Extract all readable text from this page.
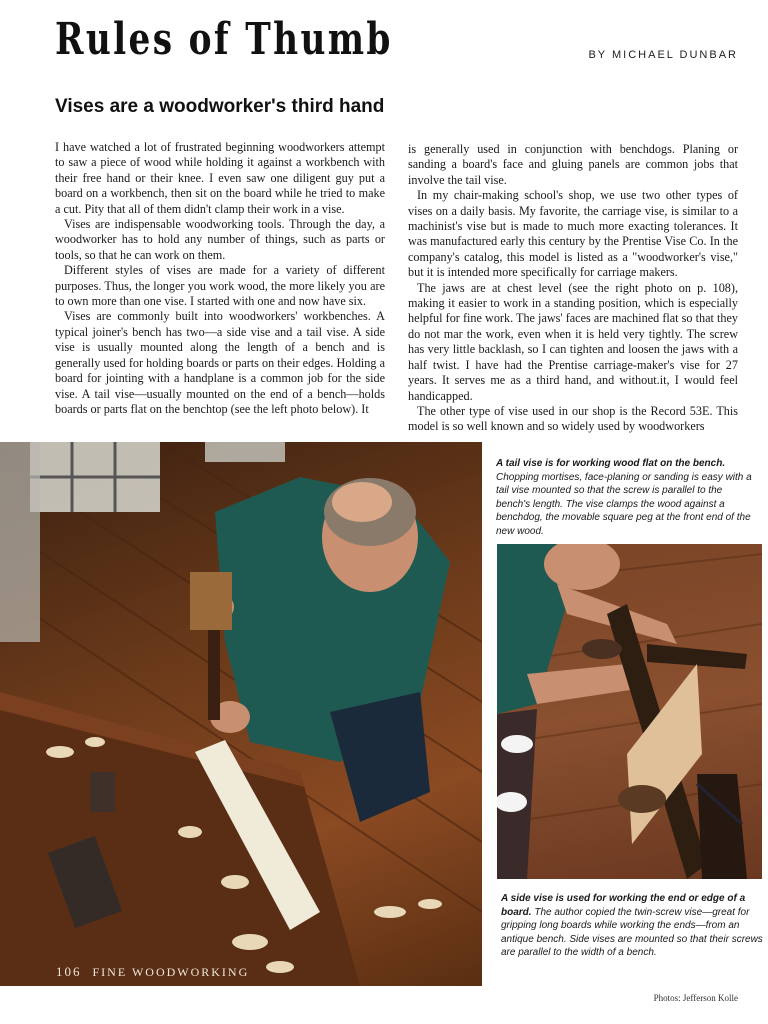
Rules of Thumb	BY MICHAEL DUNBAR
Vises are a woodworker's third hand

I have watched a lot of frustrated beginning woodworkers attempt to saw a piece of wood while holding it against a workbench with their free hand or their knee. I even saw one diligent guy put a board on a workbench, then sit on the board while he tried to make a cut. Pity that all of them didn't clamp their work in a vise.

Vises are indispensable woodworking tools. Through the day, a woodworker has to hold any number of things, such as parts or tools, so that he can work on them.

Different styles of vises are made for a variety of different purposes. Thus, the longer you work wood, the more likely you are to own more than one vise. I started with one and now have six.

Vises are commonly built into woodworkers' workbenches. A typical joiner's bench has two—a side vise and a tail vise. A side vise is usually mounted along the length of a bench and is generally used for holding boards or parts on their edges. Holding a board for jointing with a handplane is a common job for the side vise. A tail vise—usually mounted on the end of a bench—holds boards or parts flat on the benchtop (see the left photo below). It

is generally used in conjunction with benchdogs. Planing or sanding a board's face and gluing panels are common jobs that involve the tail vise.

In my chair-making school's shop, we use two other types of vises on a daily basis. My favorite, the carriage vise, is similar to a machinist's vise but is made to much more exacting tolerances. It was manufactured early this century by the Prentise Vise Co. In the company's catalog, this model is listed as a "woodworker's vise," but it is intended more specifically for carriage makers.

The jaws are at chest level (see the right photo on p. 108), making it easier to work in a standing position, which is especially helpful for fine work. The jaws' faces are machined flat so that they do not mar the work, even when it is held very tightly. The screw has very little backlash, so I can tighten and loosen the jaws with a half twist. I have had the Prentise carriage-maker's vise for 27 years. It serves me as a third hand, and without.it, I would feel handicapped.

The other type of vise used in our shop is the Record 53E. This model is so well known and so widely used by woodworkers

A tail vise is for working wood flat on the bench. Chopping mortises, face-planing or sanding is easy with a tail vise mounted so that the screw is parallel to the bench's length. The vise clamps the wood against a benchdog, the movable square peg at the front end of the new wood.
A side vise is used for working the end or edge of a board. The author copied the twin-screw vise—great for gripping long boards while working the ends—from an antique bench. Side vises are mounted so that their screws are parallel to the width of a bench.
106 FINE WOODWORKING
Photos: Jefferson Kolle
